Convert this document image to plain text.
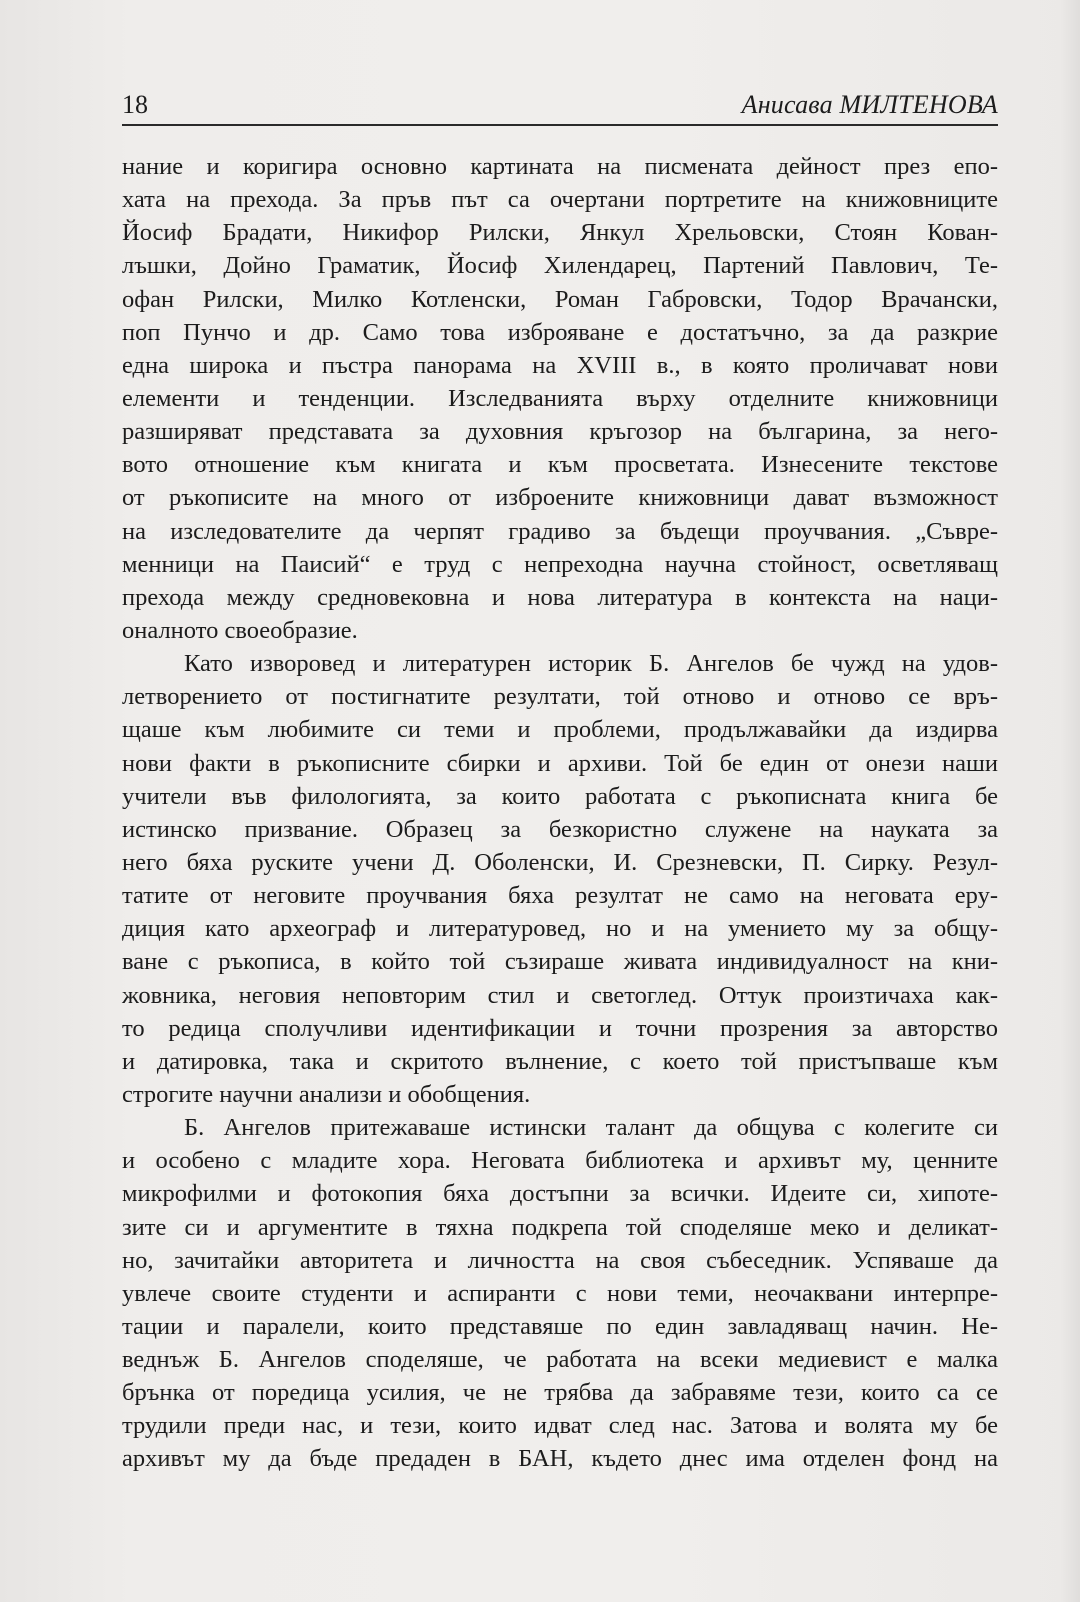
18	Анисава МИЛТЕНОВА
нание и коригира основно картината на писмената дейност през епо-
хата на прехода. За пръв път са очертани портретите на книжовниците
Йосиф Брадати, Никифор Рилски, Янкул Хрельовски, Стоян Кован-
лъшки, Дойно Граматик, Йосиф Хилендарец, Партений Павлович, Те-
офан Рилски, Милко Котленски, Роман Габровски, Тодор Врачански,
поп Пунчо и др. Само това изброяване е достатъчно, за да разкрие
една широка и пъстра панорама на XVIII в., в която проличават нови
елементи и тенденции. Изследванията върху отделните книжовници
разширяват представата за духовния кръгозор на българина, за него-
вото отношение към книгата и към просветата. Изнесените текстове
от ръкописите на много от изброените книжовници дават възможност
на изследователите да черпят градиво за бъдещи проучвания. „Съвре-
менници на Паисий“ е труд с непреходна научна стойност, осветляващ
прехода между средновековна и нова литература в контекста на наци-
оналното своеобразие.
Като изворовед и литературен историк Б. Ангелов бе чужд на удов-
летворението от постигнатите резултати, той отново и отново се връ-
щаше към любимите си теми и проблеми, продължавайки да издирва
нови факти в ръкописните сбирки и архиви. Той бе един от онези наши
учители във филологията, за които работата с ръкописната книга бе
истинско призвание. Образец за безкористно служене на науката за
него бяха руските учени Д. Оболенски, И. Срезневски, П. Сирку. Резул-
татите от неговите проучвания бяха резултат не само на неговата еру-
диция като археограф и литературовед, но и на умението му за общу-
ване с ръкописа, в който той съзираше живата индивидуалност на кни-
жовника, неговия неповторим стил и светоглед. Оттук произтичаха как-
то редица сполучливи идентификации и точни прозрения за авторство
и датировка, така и скритото вълнение, с което той пристъпваше към
строгите научни анализи и обобщения.
Б. Ангелов притежаваше истински талант да общува с колегите си
и особено с младите хора. Неговата библиотека и архивът му, ценните
микрофилми и фотокопия бяха достъпни за всички. Идеите си, хипоте-
зите си и аргументите в тяхна подкрепа той споделяше меко и деликат-
но, зачитайки авторитета и личността на своя събеседник. Успяваше да
увлече своите студенти и аспиранти с нови теми, неочаквани интерпре-
тации и паралели, които представяше по един завладяващ начин. Не-
веднъж Б. Ангелов споделяше, че работата на всеки медиевист е малка
брънка от поредица усилия, че не трябва да забравяме тези, които са се
трудили преди нас, и тези, които идват след нас. Затова и волята му бе
архивът му да бъде предаден в БАН, където днес има отделен фонд на
